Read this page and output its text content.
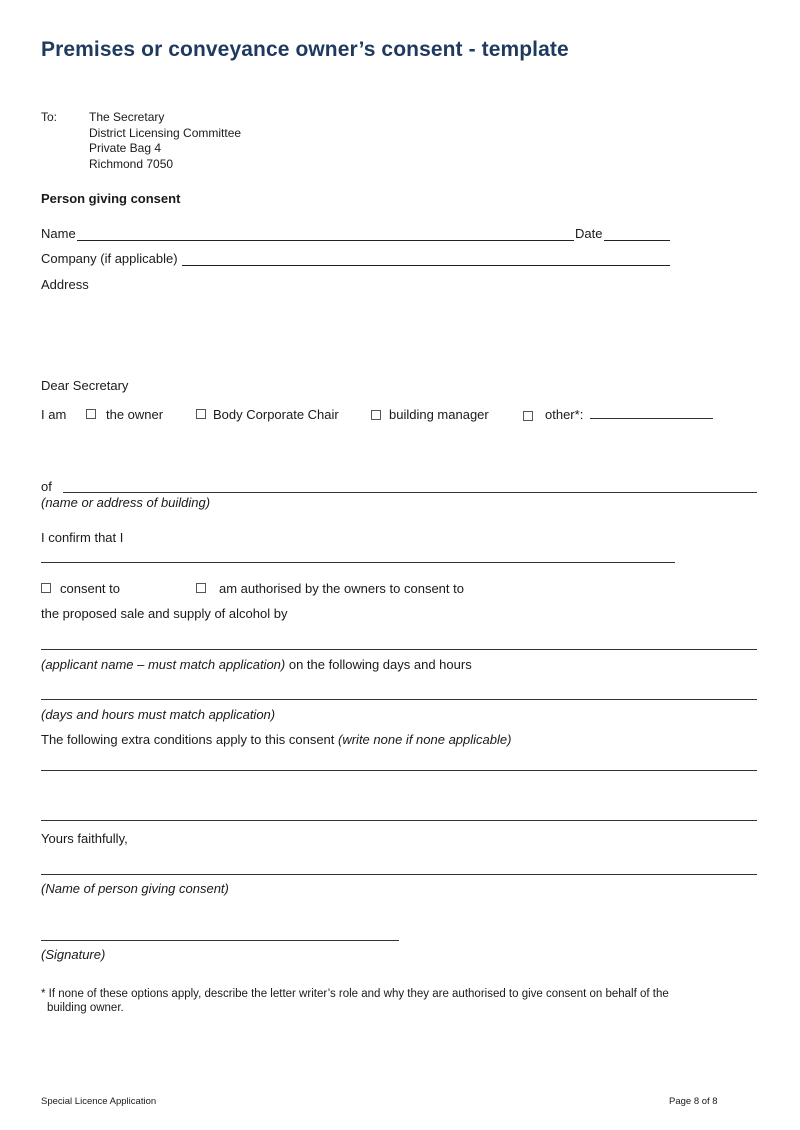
Premises or conveyance owner’s consent - template
To:	The Secretary
District Licensing Committee
Private Bag 4
Richmond 7050
Person giving consent
Name	Date
Company (if applicable)
Address
Dear Secretary
I am	the owner	Body Corporate Chair	building manager	other*:
of
(name or address of building)
I confirm that I
consent to	am authorised by the owners to consent to
the proposed sale and supply of alcohol by
(applicant name – must match application) on the following days and hours
(days and hours must match application)
The following extra conditions apply to this consent (write none if none applicable)
Yours faithfully,
(Name of person giving consent)
(Signature)
* If none of these options apply, describe the letter writer’s role and why they are authorised to give consent on behalf of the
building owner.
Special Licence Application	Page 8 of 8
